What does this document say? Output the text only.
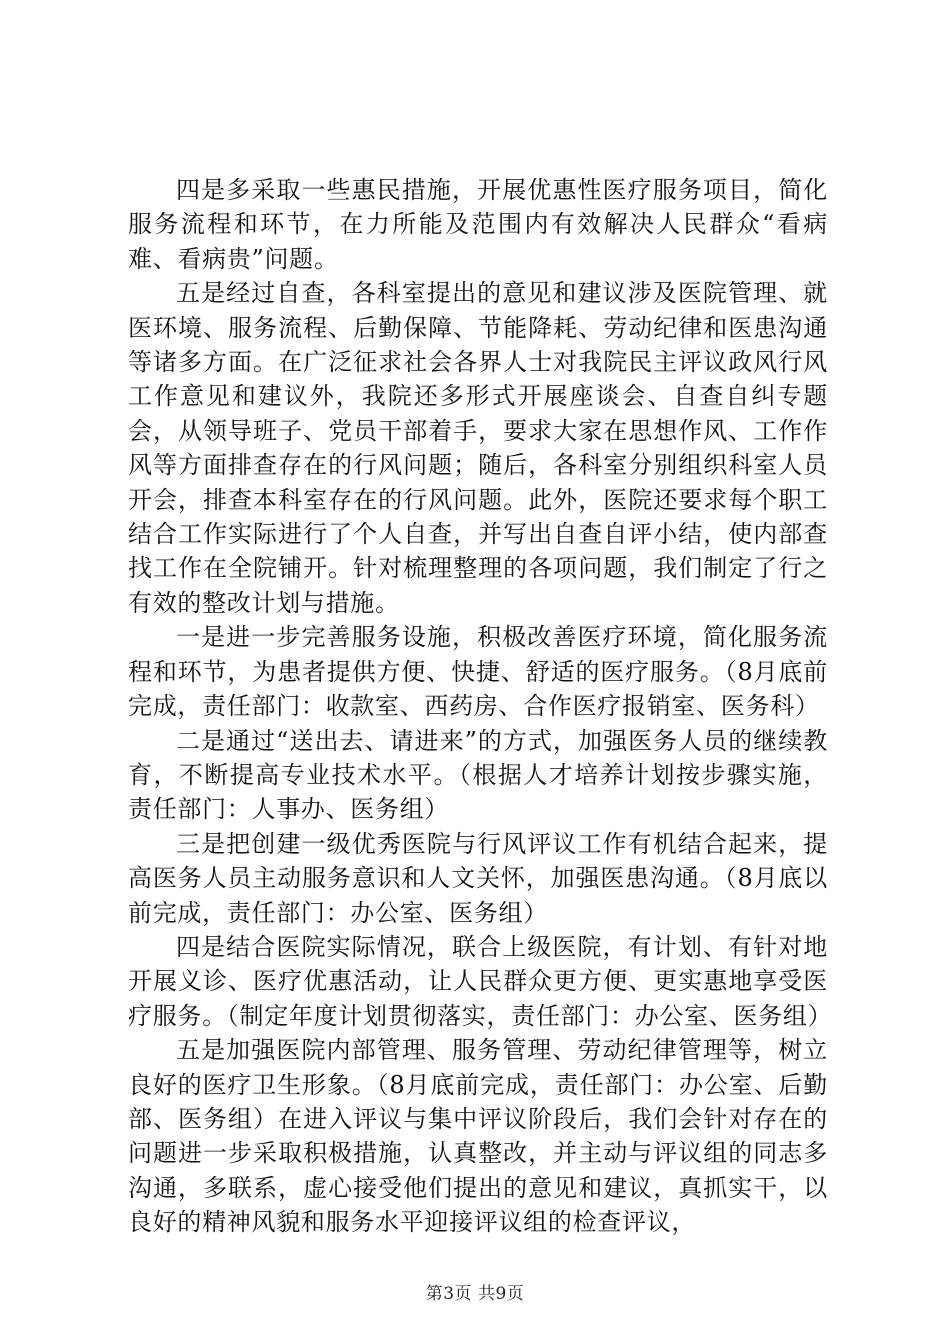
四是多采取一些惠民措施，开展优惠性医疗服务项目，简化服务流程和环节，在力所能及范围内有效解决人民群众“看病难、看病贵”问题。

五是经过自查，各科室提出的意见和建议涉及医院管理、就医环境、服务流程、后勤保障、节能降耗、劳动纪律和医患沟通等诸多方面。在广泛征求社会各界人士对我院民主评议政风行风工作意见和建议外，我院还多形式开展座谈会、自查自纠专题会，从领导班子、党员干部着手，要求大家在思想作风、工作作风等方面排查存在的行风问题；随后，各科室分别组织科室人员开会，排查本科室存在的行风问题。此外，医院还要求每个职工结合工作实际进行了个人自查，并写出自查自评小结，使内部查找工作在全院铺开。针对梳理整理的各项问题，我们制定了行之有效的整改计划与措施。

一是进一步完善服务设施，积极改善医疗环境，简化服务流程和环节，为患者提供方便、快捷、舒适的医疗服务。（8月底前完成，责任部门：收款室、西药房、合作医疗报销室、医务科）

二是通过“送出去、请进来”的方式，加强医务人员的继续教育，不断提高专业技术水平。（根据人才培养计划按步骤实施，责任部门：人事办、医务组）

三是把创建一级优秀医院与行风评议工作有机结合起来，提高医务人员主动服务意识和人文关怀，加强医患沟通。（8月底以前完成，责任部门：办公室、医务组）

四是结合医院实际情况，联合上级医院，有计划、有针对地开展义诊、医疗优惠活动，让人民群众更方便、更实惠地享受医疗服务。（制定年度计划贯彻落实，责任部门：办公室、医务组）

五是加强医院内部管理、服务管理、劳动纪律管理等，树立良好的医疗卫生形象。（8月底前完成，责任部门：办公室、后勤部、医务组）在进入评议与集中评议阶段后，我们会针对存在的问题进一步采取积极措施，认真整改，并主动与评议组的同志多沟通，多联系，虚心接受他们提出的意见和建议，真抓实干，以良好的精神风貌和服务水平迎接评议组的检查评议，

第3页 共9页
